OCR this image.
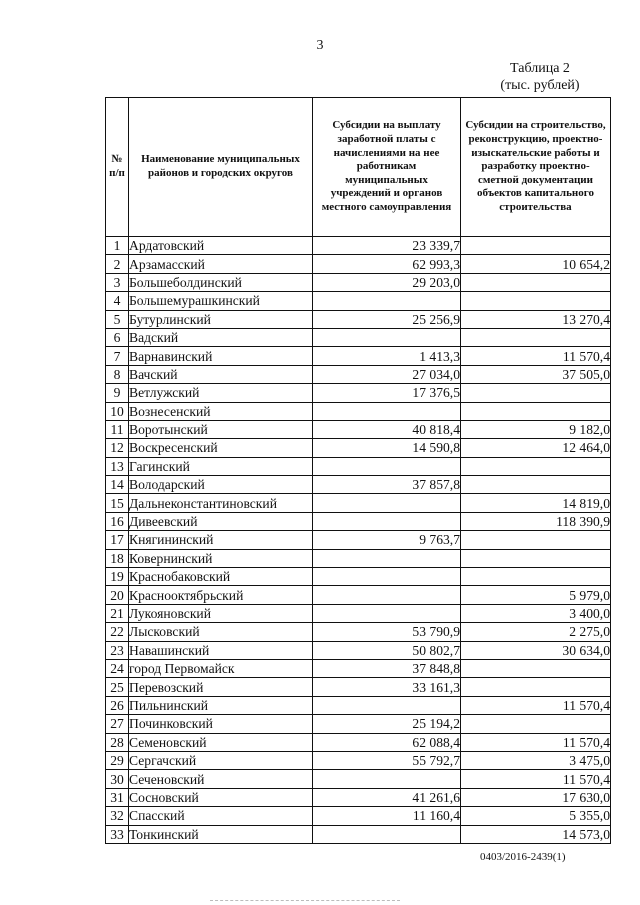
3
Таблица 2
(тыс. рублей)
№ п/п	Наименование муниципальных районов и городских округов	Субсидии на выплату заработной платы с начислениями на нее работникам муниципальных учреждений и органов местного самоуправления	Субсидии на строительство, реконструкцию, проектно-изыскательские работы и разработку проектно-сметной документации объектов капитального строительства
1	Ардатовский	23 339,7	
2	Арзамасский	62 993,3	10 654,2
3	Большеболдинский	29 203,0	
4	Большемурашкинский		
5	Бутурлинский	25 256,9	13 270,4
6	Вадский		
7	Варнавинский	1 413,3	11 570,4
8	Вачский	27 034,0	37 505,0
9	Ветлужский	17 376,5	
10	Вознесенский		
11	Воротынский	40 818,4	9 182,0
12	Воскресенский	14 590,8	12 464,0
13	Гагинский		
14	Володарский	37 857,8	
15	Дальнеконстантиновский		14 819,0
16	Дивеевский		118 390,9
17	Княгининский	9 763,7	
18	Ковернинский		
19	Краснобаковский		
20	Краснооктябрьский		5 979,0
21	Лукояновский		3 400,0
22	Лысковский	53 790,9	2 275,0
23	Навашинский	50 802,7	30 634,0
24	город Первомайск	37 848,8	
25	Перевозский	33 161,3	
26	Пильнинский		11 570,4
27	Починковский	25 194,2	
28	Семеновский	62 088,4	11 570,4
29	Сергачский	55 792,7	3 475,0
30	Сеченовский		11 570,4
31	Сосновский	41 261,6	17 630,0
32	Спасский	11 160,4	5 355,0
33	Тонкинский		14 573,0
0403/2016-2439(1)
